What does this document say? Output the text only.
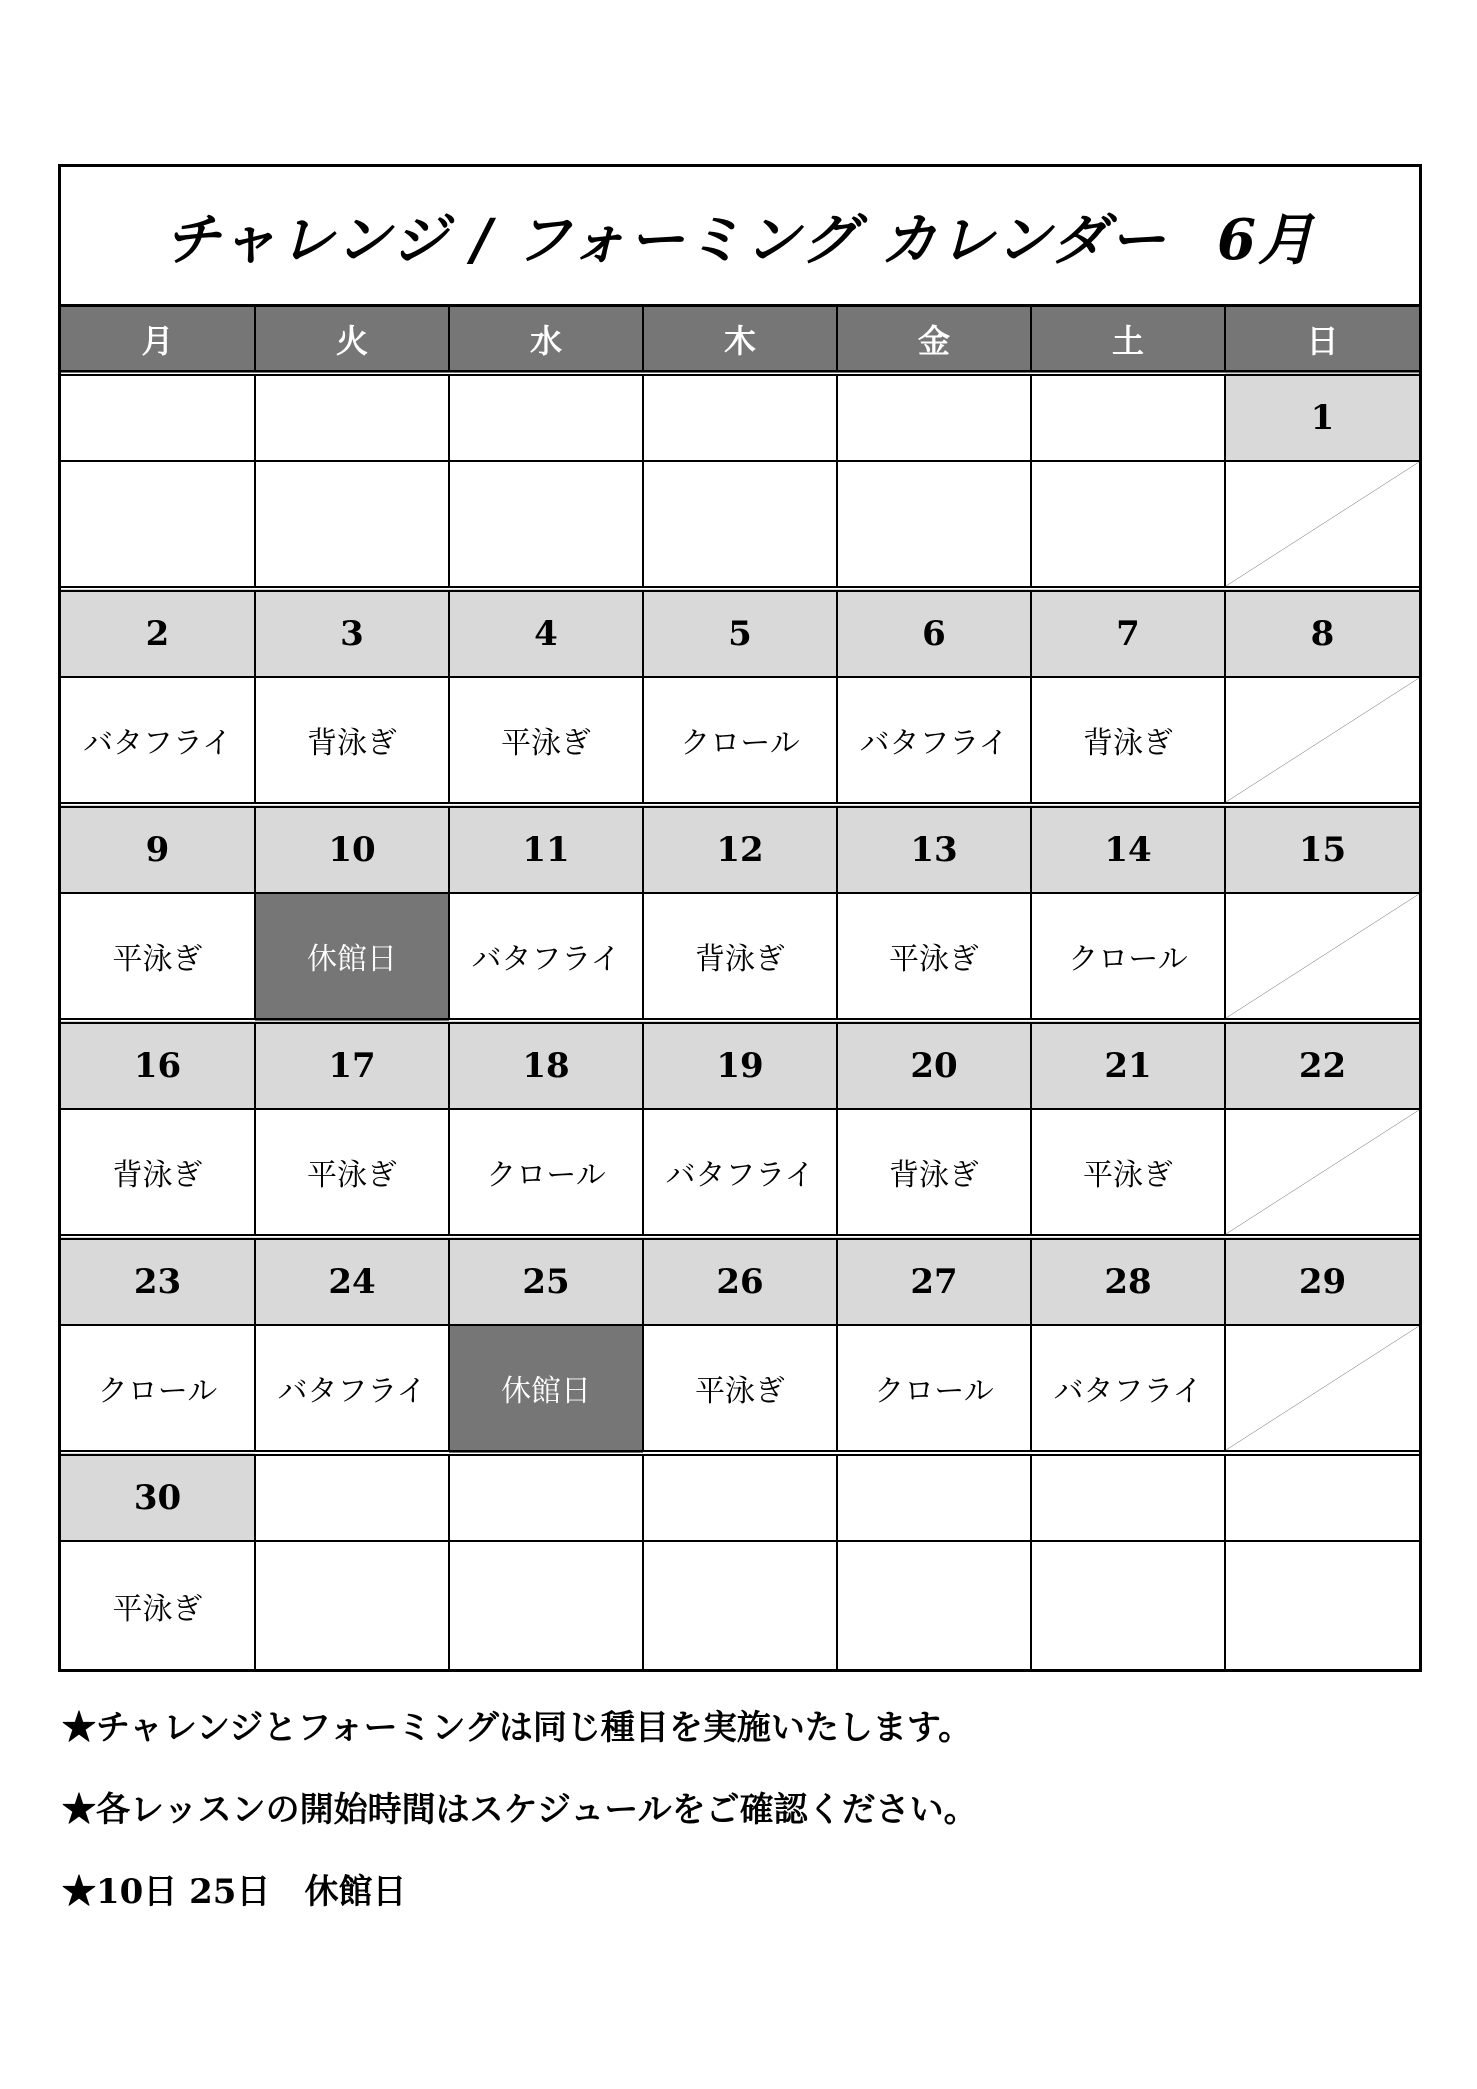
チャレンジ / フォーミング カレンダー 6月
月	火	水	木	金	土	日
						1

2	3	4	5	6	7	8
バタフライ	背泳ぎ	平泳ぎ	クロール	バタフライ	背泳ぎ	
9	10	11	12	13	14	15
平泳ぎ	休館日	バタフライ	背泳ぎ	平泳ぎ	クロール	
16	17	18	19	20	21	22
背泳ぎ	平泳ぎ	クロール	バタフライ	背泳ぎ	平泳ぎ	
23	24	25	26	27	28	29
クロール	バタフライ	休館日	平泳ぎ	クロール	バタフライ	
30						
平泳ぎ						
★チャレンジとフォーミングは同じ種目を実施いたします。
★各レッスンの開始時間はスケジュールをご確認ください。
★10日 25日　休館日
